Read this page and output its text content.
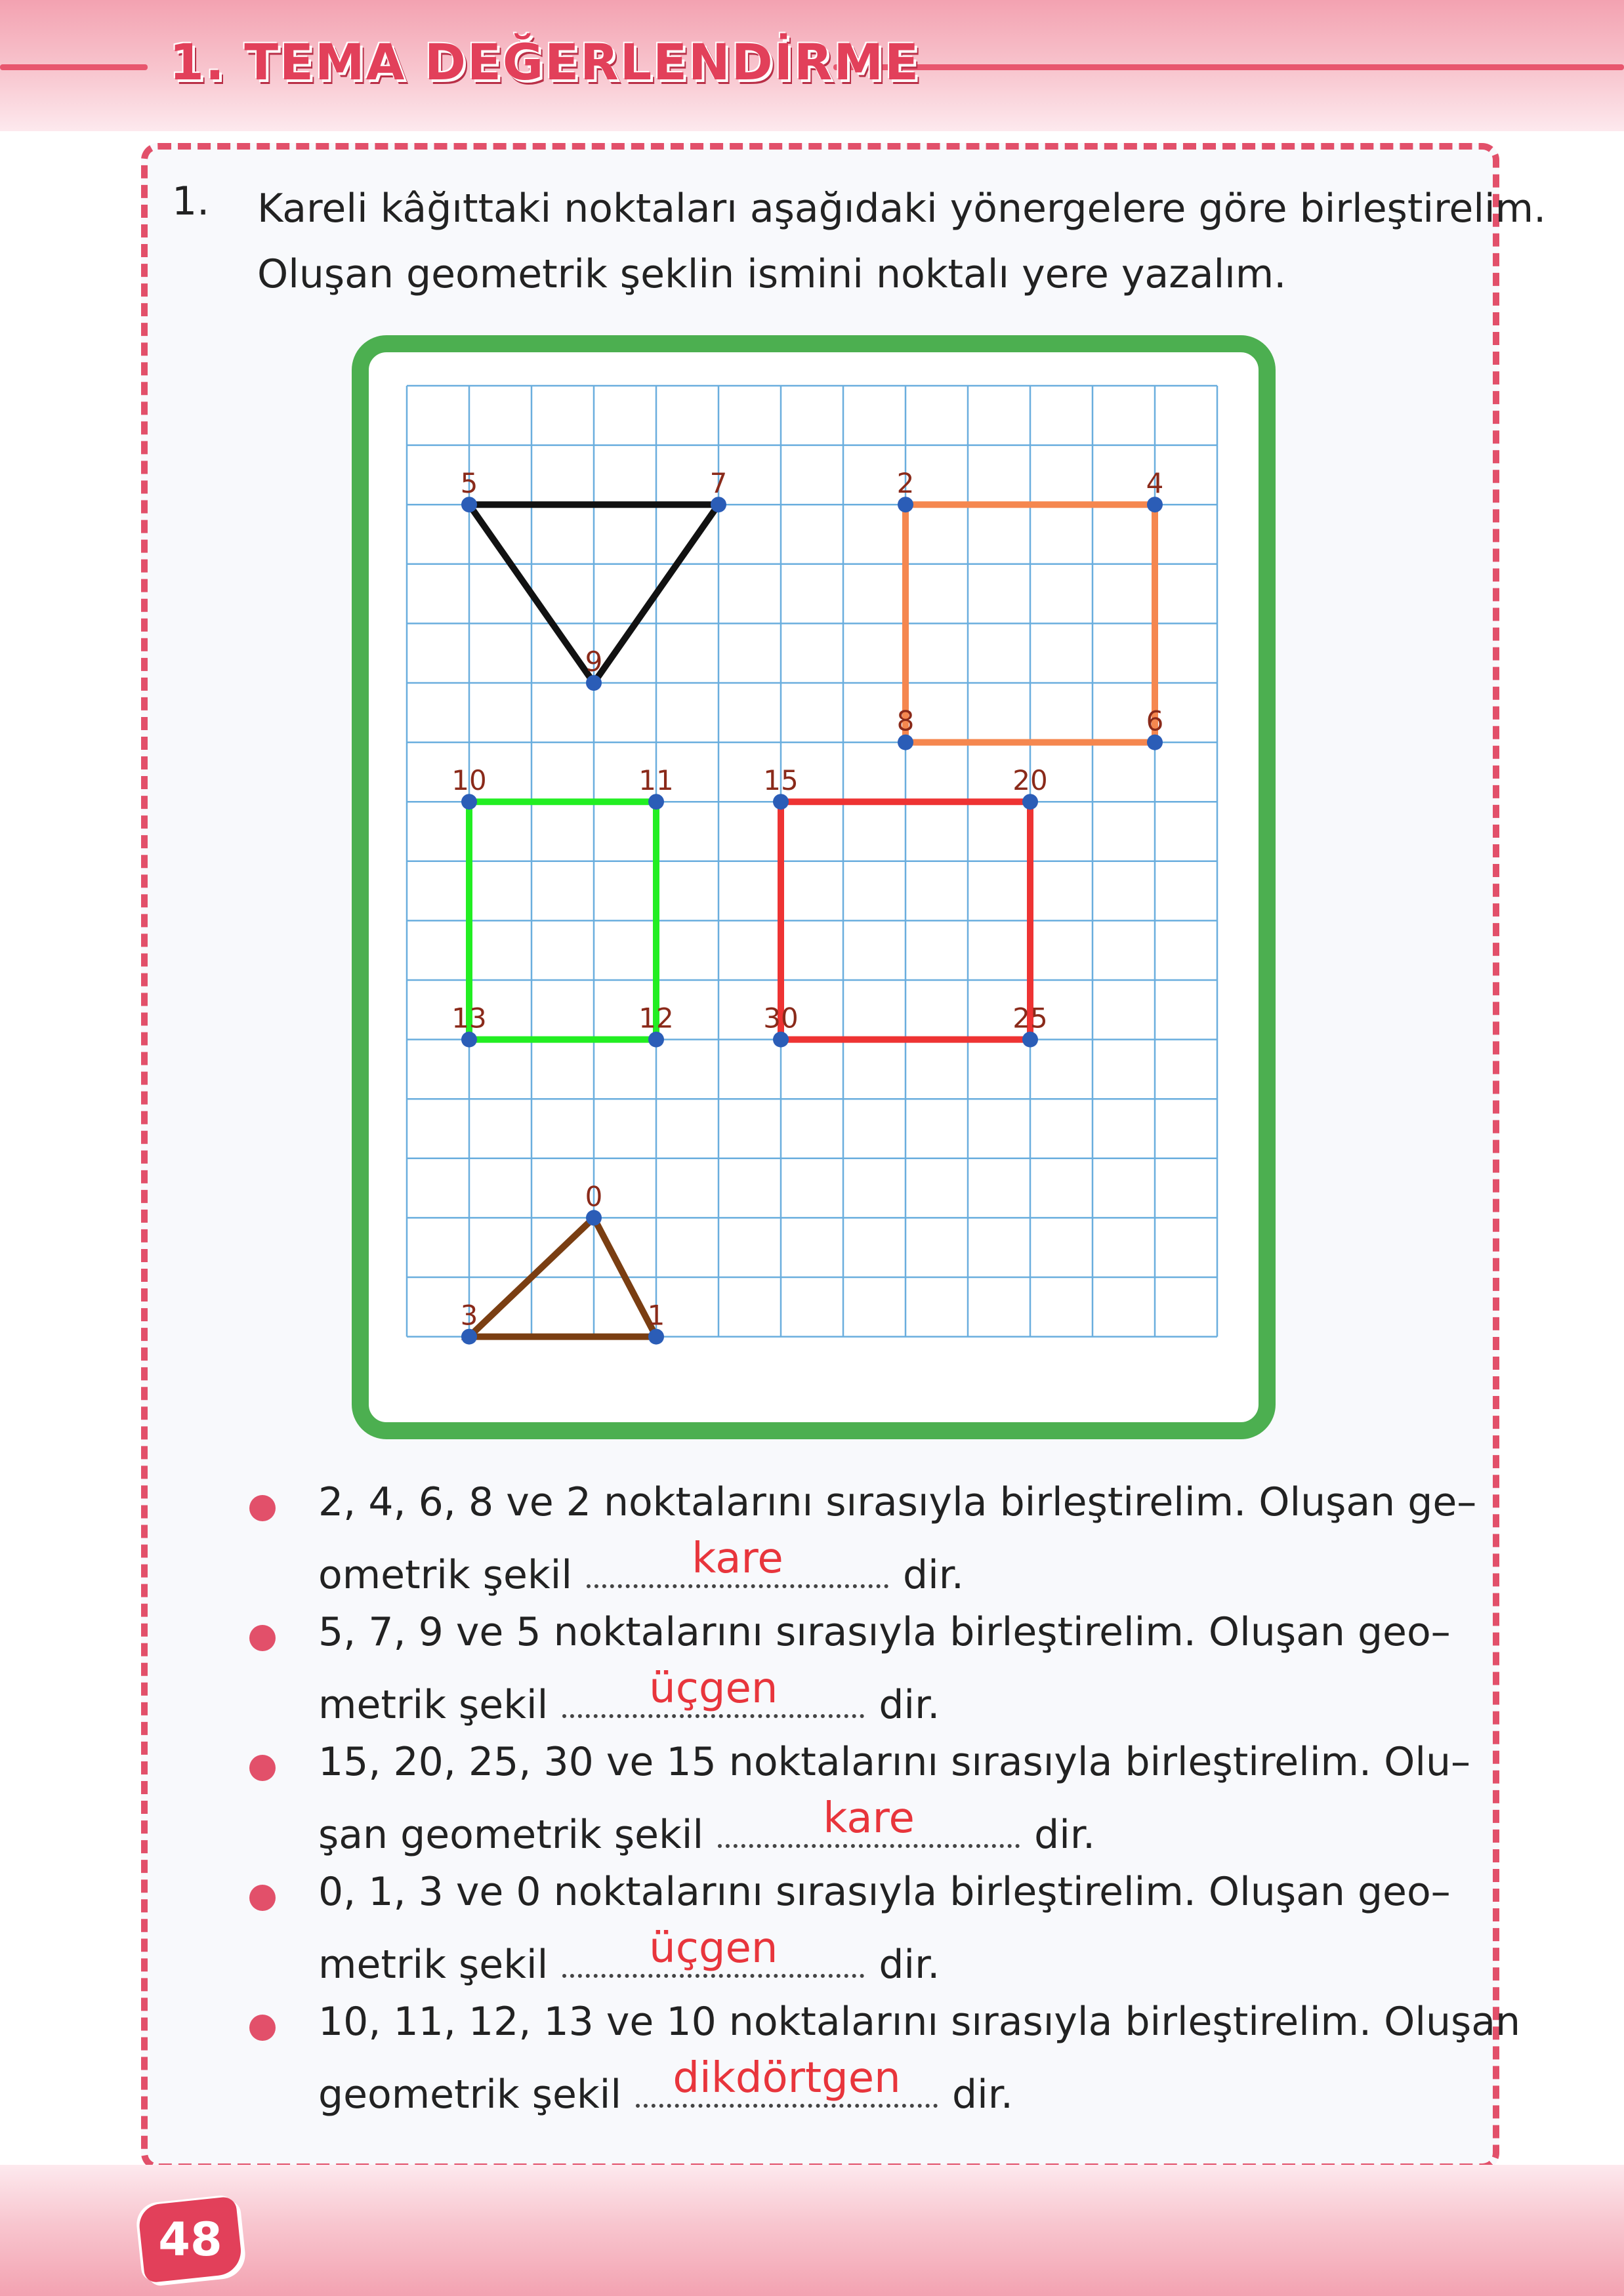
1. TEMA DEĞERLENDİRME
1. Kareli kâğıttaki noktaları aşağıdaki yönergelere göre birleştirelim.
Oluşan geometrik şeklin ismini noktalı yere yazalım.
5	7
9
2	4
8	6
10	11	15	20
13	12	30	25
0
3	1
2, 4, 6, 8 ve 2 noktalarını sırasıyla birleştirelim. Oluşan ge–
ometrik şekil	kare	dir.
5, 7, 9 ve 5 noktalarını sırasıyla birleştirelim. Oluşan geo–
metrik şekil	üçgen	dir.
15, 20, 25, 30 ve 15 noktalarını sırasıyla birleştirelim. Olu–
şan geometrik şekil	kare	dir.
0, 1, 3 ve 0 noktalarını sırasıyla birleştirelim. Oluşan geo–
metrik şekil	üçgen	dir.
10, 11, 12, 13 ve 10 noktalarını sırasıyla birleştirelim. Oluşan
geometrik şekil	dikdörtgen	dir.
48
